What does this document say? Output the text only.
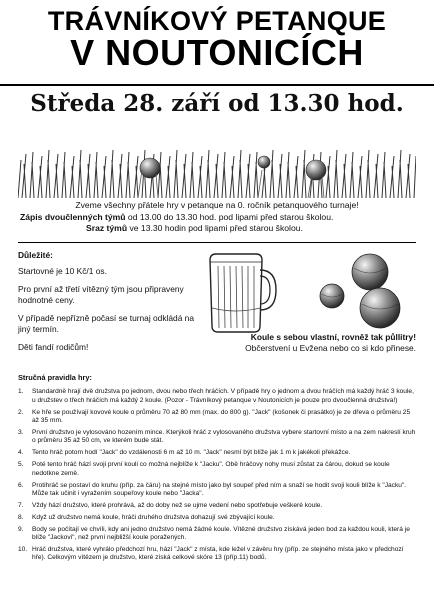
TRÁVNÍKOVÝ PETANQUE
V NOUTONICÍCH
Středa 28. září od 13.30 hod.
Zveme všechny přátele hry v petanque na 0. ročník petanquového turnaje!
Zápis dvoučlenných týmů od 13.00 do 13.30 hod. pod lipami před starou školou.
Sraz týmů ve 13.30 hodin pod lipami před starou školou.
Důležité:

Startovné je 10 Kč/1 os.

Pro první až třetí vítězný tým jsou připraveny hodnotné ceny.

V případě nepřízně počasí se turnaj odkládá na jiný termín.

Děti fandí rodičům!

Koule s sebou vlastní, rovněž tak půllitry!
Občerstvení u Evžena nebo co si kdo přinese.
Stručná pravidla hry:
1. Standardně hrají dvě družstva po jednom, dvou nebo třech hráčích. V případě hry o jednom a dvou hráčích má každý hráč 3 koule, u družstev o třech hráčích má každý 2 koule. (Pozor - Trávníkový petanque v Noutonicích je pouze pro dvoučlenná družstva!)
2. Ke hře se používají kovové koule o průměru 70 až 80 mm (max. do 800 g). "Jack" (košonek či prasátko) je ze dřeva o průměru 25 až 35 mm.
3. První družstvo je vylosováno hozením mince. Kterýkoli hráč z vylosovaného družstva vybere startovní místo a na zem nakreslí kruh o průměru 35 až 50 cm, ve kterém bude stát.
4. Tento hráč potom hodí "Jack" do vzdálenosti 6 m až 10 m. "Jack" nesmí být blíže jak 1 m k jakékoli překážce.
5. Poté tento hráč hází svoji první kouli co možná nejblíže k "Jacku". Obě hráčovy nohy musí zůstat za čárou, dokud se koule nedotkne země.
6. Protihráč se postaví do kruhu (příp. za čáru) na stejné místo jako byl soupeř před ním a snaží se hodit svoji kouli blíže k "Jacku". Může tak učinit i vyražením soupeřovy koule nebo "Jacka".
7. Vždy hází družstvo, které prohrává, až do doby než se ujme vedení nebo spotřebuje veškeré koule.
8. Když už družstvo nemá koule, hráči druhého družstva dohazují své zbývající koule.
9. Body se počítají ve chvíli, kdy ani jedno družstvo nemá žádné koule. Vítězné družstvo získává jeden bod za každou kouli, která je blíže "Jackovi", než první nejbližší koule poražených.
10. Hráč družstva, které vyhrálo předchozí hru, hází "Jack" z místa, kde ležel v závěru hry (příp. ze stejného místa jako v předchozí hře). Celkovým vítězem je družstvo, které získá celkové skóre 13 (příp.11) bodů.
